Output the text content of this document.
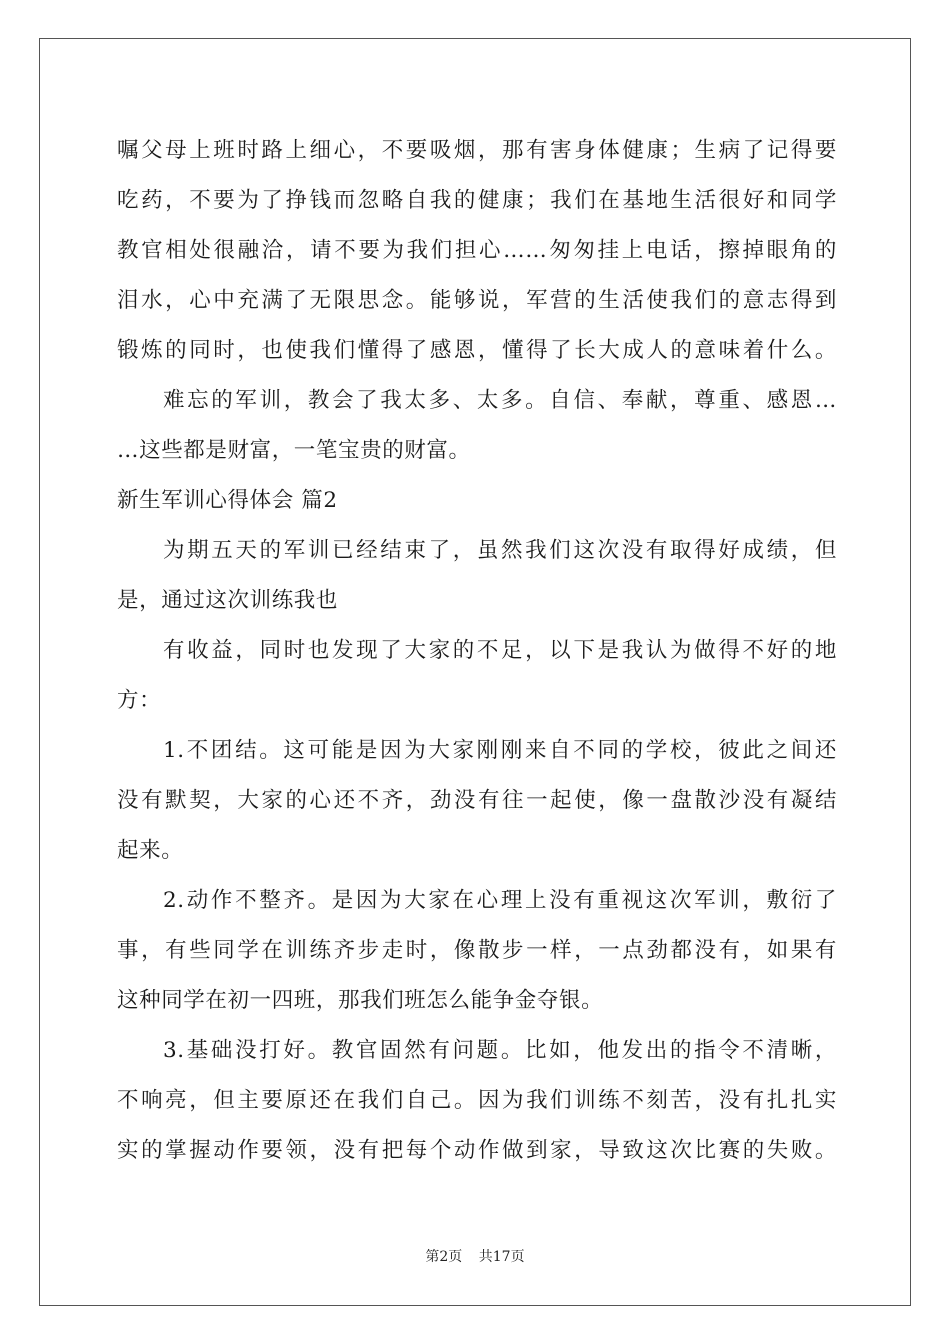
嘱父母上班时路上细心，不要吸烟，那有害身体健康；生病了记得要
吃药，不要为了挣钱而忽略自我的健康；我们在基地生活很好和同学
教官相处很融洽，请不要为我们担心……匆匆挂上电话，擦掉眼角的
泪水，心中充满了无限思念。能够说，军营的生活使我们的意志得到
锻炼的同时，也使我们懂得了感恩，懂得了长大成人的意味着什么。
难忘的军训，教会了我太多、太多。自信、奉献，尊重、感恩…
…这些都是财富，一笔宝贵的财富。
新生军训心得体会 篇2
为期五天的军训已经结束了，虽然我们这次没有取得好成绩，但
是，通过这次训练我也
有收益，同时也发现了大家的不足，以下是我认为做得不好的地
方：
1.不团结。这可能是因为大家刚刚来自不同的学校，彼此之间还
没有默契，大家的心还不齐，劲没有往一起使，像一盘散沙没有凝结
起来。
2.动作不整齐。是因为大家在心理上没有重视这次军训，敷衍了
事，有些同学在训练齐步走时，像散步一样，一点劲都没有，如果有
这种同学在初一四班，那我们班怎么能争金夺银。
3.基础没打好。教官固然有问题。比如，他发出的指令不清晰，
不响亮，但主要原还在我们自己。因为我们训练不刻苦，没有扎扎实
实的掌握动作要领，没有把每个动作做到家，导致这次比赛的失败。
第2页 共17页
